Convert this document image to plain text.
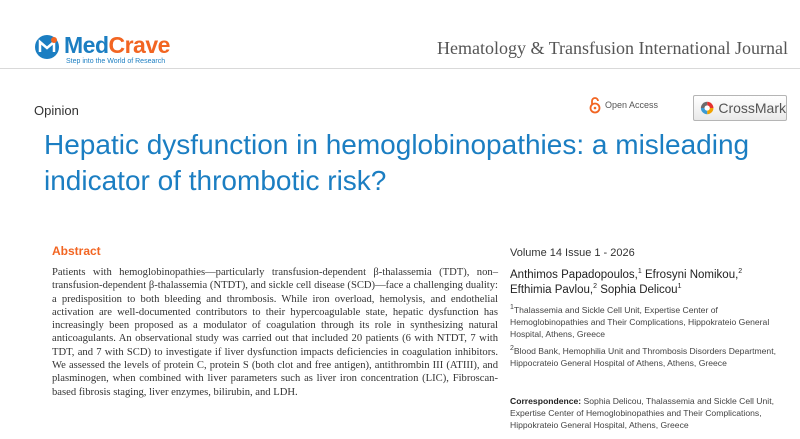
MedCrave
Step into the World of Research
Hematology & Transfusion International Journal
Opinion	Open Access	CrossMark
Hepatic dysfunction in hemoglobinopathies: a misleading indicator of thrombotic risk?
Abstract
Patients with hemoglobinopathies—particularly transfusion-dependent β-thalassemia (TDT), non–transfusion-dependent β-thalassemia (NTDT), and sickle cell disease (SCD)—face a challenging duality: a predisposition to both bleeding and thrombosis. While iron overload, hemolysis, and endothelial activation are well-documented contributors to their hypercoagulable state, hepatic dysfunction has increasingly been proposed as a modulator of coagulation through its role in synthesizing natural anticoagulants. An observational study was carried out that included 20 patients (6 with NTDT, 7 with TDT, and 7 with SCD) to investigate if liver dysfunction impacts deficiencies in coagulation inhibitors. We assessed the levels of protein C, protein S (both clot and free antigen), antithrombin III (ATIII), and plasminogen, when combined with liver parameters such as liver iron concentration (LIC), Fibroscan-based fibrosis staging, liver enzymes, bilirubin, and LDH.
Volume 14 Issue 1 - 2026
Anthimos Papadopoulos,$^1$ Efrosyni Nomikou,$^2$ Efthimia Pavlou,$^2$ Sophia Delicou$^1$
$^1$Thalassemia and Sickle Cell Unit, Expertise Center of Hemoglobinopathies and Their Complications, Hippokrateio General Hospital, Athens, Greece
$^2$Blood Bank, Hemophilia Unit and Thrombosis Disorders Department, Hippocrateio General Hospital of Athens, Athens, Greece
Correspondence: Sophia Delicou, Thalassemia and Sickle Cell Unit, Expertise Center of Hemoglobinopathies and Their Complications, Hippokrateio General Hospital, Athens, Greece
